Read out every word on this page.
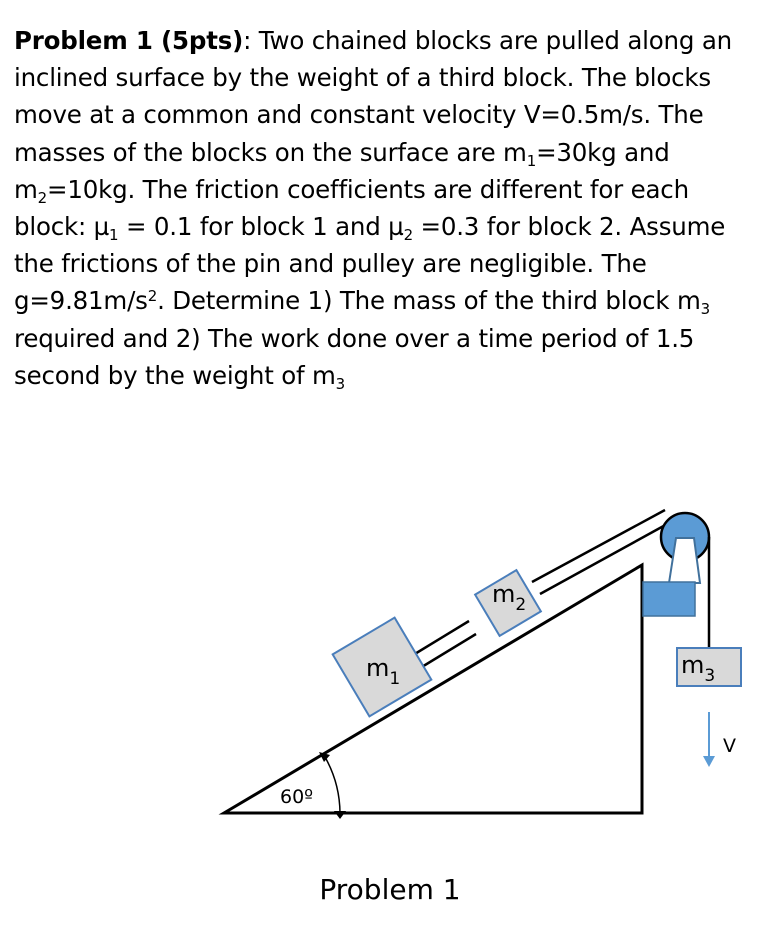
Problem 1 (5pts): Two chained blocks are pulled along an inclined surface by the weight of a third block. The blocks move at a common and constant velocity V=0.5m/s. The masses of the blocks on the surface are $m_1=30kg$ and $m_2=10kg$. The friction coefficients are different for each block: µ$_1$ = 0.1 for block 1 and µ$_2$ =0.3 for block 2. Assume the frictions of the pin and pulley are negligible. The $g=9.81m/s^2$. Determine 1) The mass of the third block $m_3$ required and 2) The work done over a time period of 1.5 second by the weight of $m_3$
$m_1$
$m_2$
$m_3$
V
60º
Problem 1
